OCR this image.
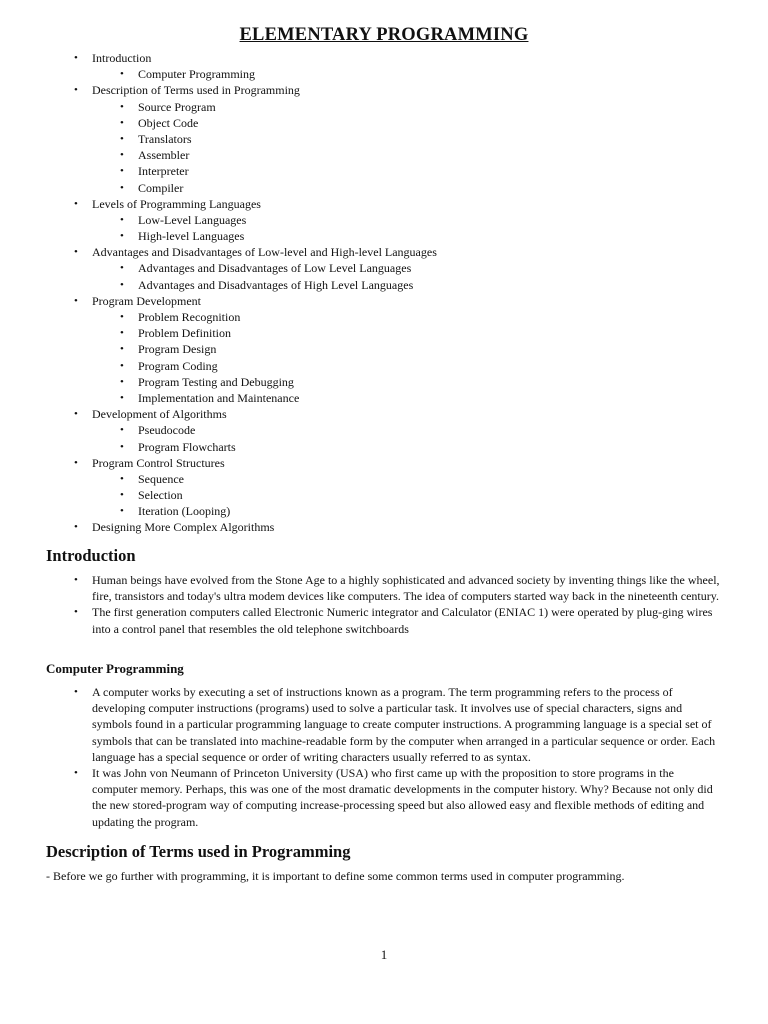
ELEMENTARY PROGRAMMING
• Introduction
• Computer Programming
• Description of Terms used in Programming
• Source Program
• Object Code
• Translators
• Assembler
• Interpreter
• Compiler
• Levels of Programming Languages
• Low-Level Languages
• High-level Languages
• Advantages and Disadvantages of Low-level and High-level Languages
• Advantages and Disadvantages of Low Level Languages
• Advantages and Disadvantages of High Level Languages
• Program Development
• Problem Recognition
• Problem Definition
• Program Design
• Program Coding
• Program Testing and Debugging
• Implementation and Maintenance
• Development of Algorithms
• Pseudocode
• Program Flowcharts
• Program Control Structures
• Sequence
• Selection
• Iteration (Looping)
• Designing More Complex Algorithms
Introduction
• Human beings have evolved from the Stone Age to a highly sophisticated and advanced society by inventing things like the wheel, fire, transistors and today's ultra modem devices like computers. The idea of computers started way back in the nineteenth century.
• The first generation computers called Electronic Numeric integrator and Calculator (ENIAC 1) were operated by plug-ging wires into a control panel that resembles the old telephone switchboards
Computer Programming
• A computer works by executing a set of instructions known as a program. The term programming refers to the process of developing computer instructions (programs) used to solve a particular task. It involves use of special characters, signs and symbols found in a particular programming language to create computer instructions. A programming language is a special set of symbols that can be translated into machine-readable form by the computer when arranged in a particular sequence or order. Each language has a special sequence or order of writing characters usually referred to as syntax.
• It was John von Neumann of Princeton University (USA) who first came up with the proposition to store programs in the computer memory. Perhaps, this was one of the most dramatic developments in the computer history. Why? Because not only did the new stored-program way of computing increase-processing speed but also allowed easy and flexible methods of editing and updating the program.
Description of Terms used in Programming

- Before we go further with programming, it is important to define some common terms used in computer programming.

1
